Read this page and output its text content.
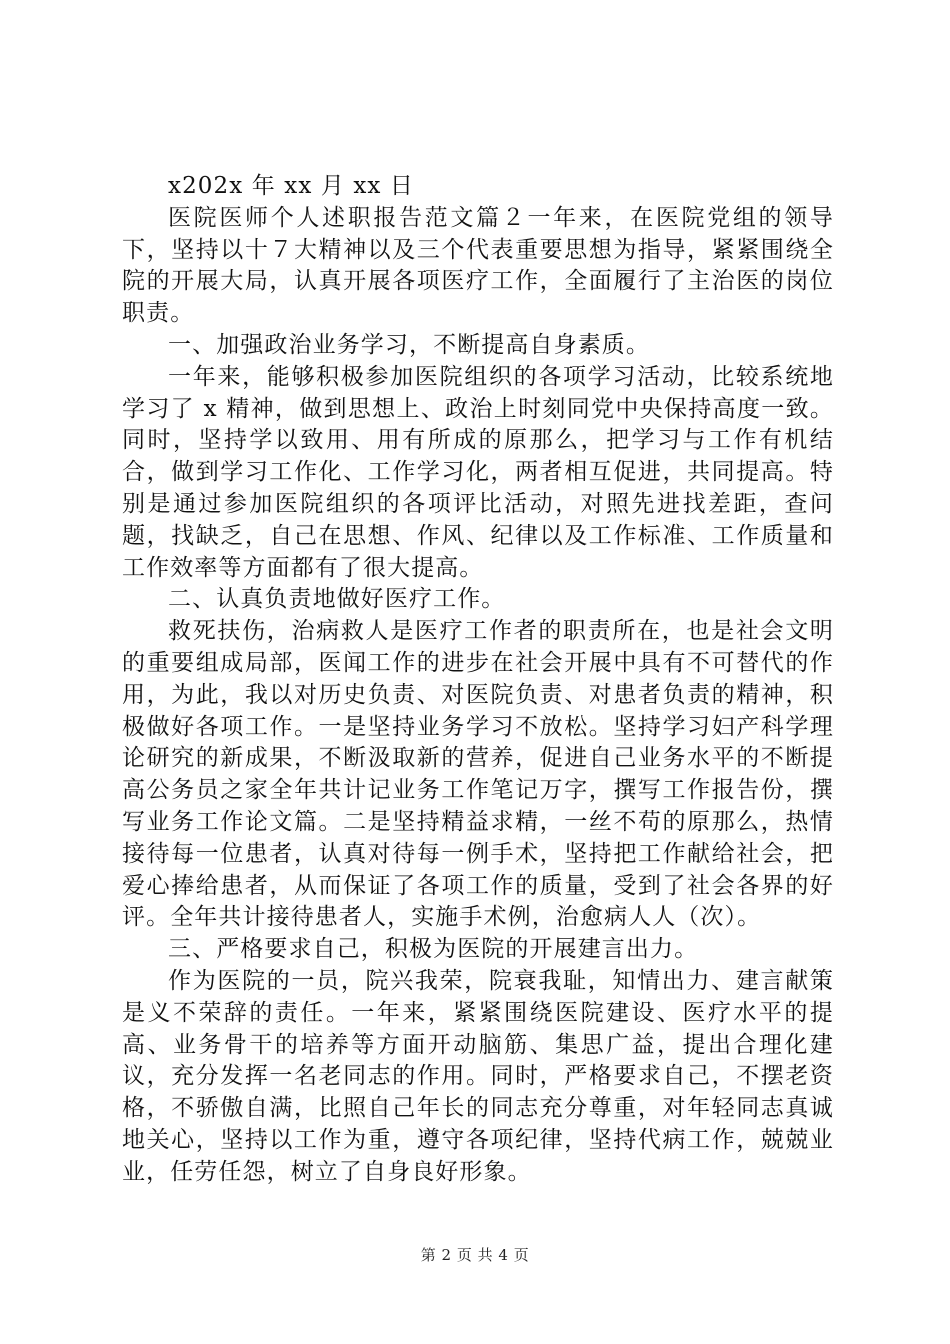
x202x 年 xx 月 xx 日

医院医师个人述职报告范文篇２一年来，在医院党组的领导下，坚持以十７大精神以及三个代表重要思想为指导，紧紧围绕全院的开展大局，认真开展各项医疗工作，全面履行了主治医的岗位职责。

一、加强政治业务学习，不断提高自身素质。

一年来，能够积极参加医院组织的各项学习活动，比较系统地学习了 x 精神，做到思想上、政治上时刻同党中央保持高度一致。同时，坚持学以致用、用有所成的原那么，把学习与工作有机结合，做到学习工作化、工作学习化，两者相互促进，共同提高。特别是通过参加医院组织的各项评比活动，对照先进找差距，查问题，找缺乏，自己在思想、作风、纪律以及工作标准、工作质量和工作效率等方面都有了很大提高。

二、认真负责地做好医疗工作。

救死扶伤，治病救人是医疗工作者的职责所在，也是社会文明的重要组成局部，医闻工作的进步在社会开展中具有不可替代的作用，为此，我以对历史负责、对医院负责、对患者负责的精神，积极做好各项工作。一是坚持业务学习不放松。坚持学习妇产科学理论研究的新成果，不断汲取新的营养，促进自己业务水平的不断提高公务员之家全年共计记业务工作笔记万字，撰写工作报告份，撰写业务工作论文篇。二是坚持精益求精，一丝不苟的原那么，热情接待每一位患者，认真对待每一例手术，坚持把工作献给社会，把爱心捧给患者，从而保证了各项工作的质量，受到了社会各界的好评。全年共计接待患者人，实施手术例，治愈病人人（次）。

三、严格要求自己，积极为医院的开展建言出力。

作为医院的一员，院兴我荣，院衰我耻，知情出力、建言献策是义不荣辞的责任。一年来，紧紧围绕医院建设、医疗水平的提高、业务骨干的培养等方面开动脑筋、集思广益，提出合理化建议，充分发挥一名老同志的作用。同时，严格要求自己，不摆老资格，不骄傲自满，比照自己年长的同志充分尊重，对年轻同志真诚地关心，坚持以工作为重，遵守各项纪律，坚持代病工作，兢兢业业，任劳任怨，树立了自身良好形象。

第 2 页 共 4 页
